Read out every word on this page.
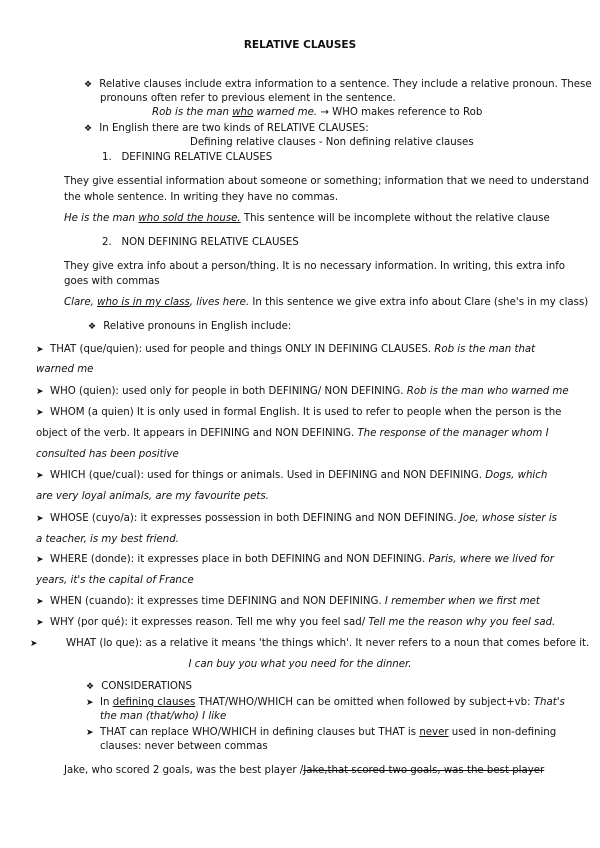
RELATIVE CLAUSES
❖ Relative clauses include extra information to a sentence. They include a relative pronoun. These
pronouns often refer to previous element in the sentence.
Rob is the man who warned me. → WHO makes reference to Rob
❖ In English there are two kinds of RELATIVE CLAUSES:
Defining relative clauses - Non defining relative clauses
1. DEFINING RELATIVE CLAUSES
They give essential information about someone or something; information that we need to understand
the whole sentence. In writing they have no commas.
He is the man who sold the house. This sentence will be incomplete without the relative clause
2. NON DEFINING RELATIVE CLAUSES
They give extra info about a person/thing. It is no necessary information. In writing, this extra info
goes with commas
Clare, who is in my class, lives here. In this sentence we give extra info about Clare (she's in my class)
❖ Relative pronouns in English include:
➤ THAT (que/quien): used for people and things ONLY IN DEFINING CLAUSES. Rob is the man that
warned me
➤ WHO (quien): used only for people in both DEFINING/ NON DEFINING. Rob is the man who warned me
➤ WHOM (a quien) It is only used in formal English. It is used to refer to people when the person is the
object of the verb. It appears in DEFINING and NON DEFINING. The response of the manager whom I
consulted has been positive
➤ WHICH (que/cual): used for things or animals. Used in DEFINING and NON DEFINING. Dogs, which
are very loyal animals, are my favourite pets.
➤ WHOSE (cuyo/a): it expresses possession in both DEFINING and NON DEFINING. Joe, whose sister is
a teacher, is my best friend.
➤ WHERE (donde): it expresses place in both DEFINING and NON DEFINING. Paris, where we lived for
years, it's the capital of France
➤ WHEN (cuando): it expresses time DEFINING and NON DEFINING. I remember when we first met
➤ WHY (por qué): it expresses reason. Tell me why you feel sad/ Tell me the reason why you feel sad.
➤	WHAT (lo que): as a relative it means 'the things which'. It never refers to a noun that comes before it.
I can buy you what you need for the dinner.
❖ CONSIDERATIONS
➤ In defining clauses THAT/WHO/WHICH can be omitted when followed by subject+vb: That's
the man (that/who) I like
➤ THAT can replace WHO/WHICH in defining clauses but THAT is never used in non-defining
clauses: never between commas
Jake, who scored 2 goals, was the best player /Jake,that scored two goals, was the best player
